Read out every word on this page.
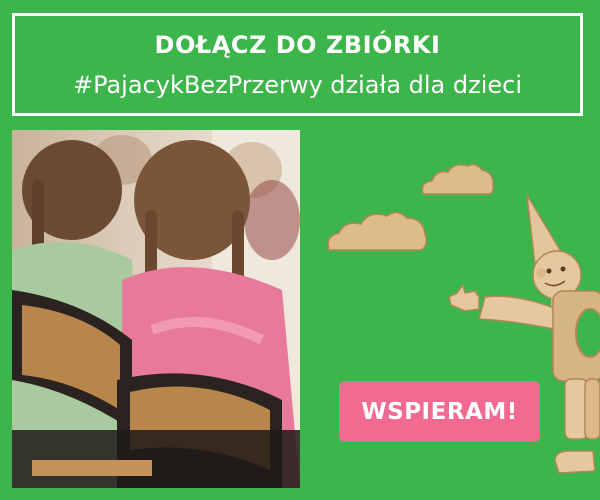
DOŁĄCZ DO ZBIÓRKI
#PajacykBezPrzerwy działa dla dzieci
WSPIERAM!
